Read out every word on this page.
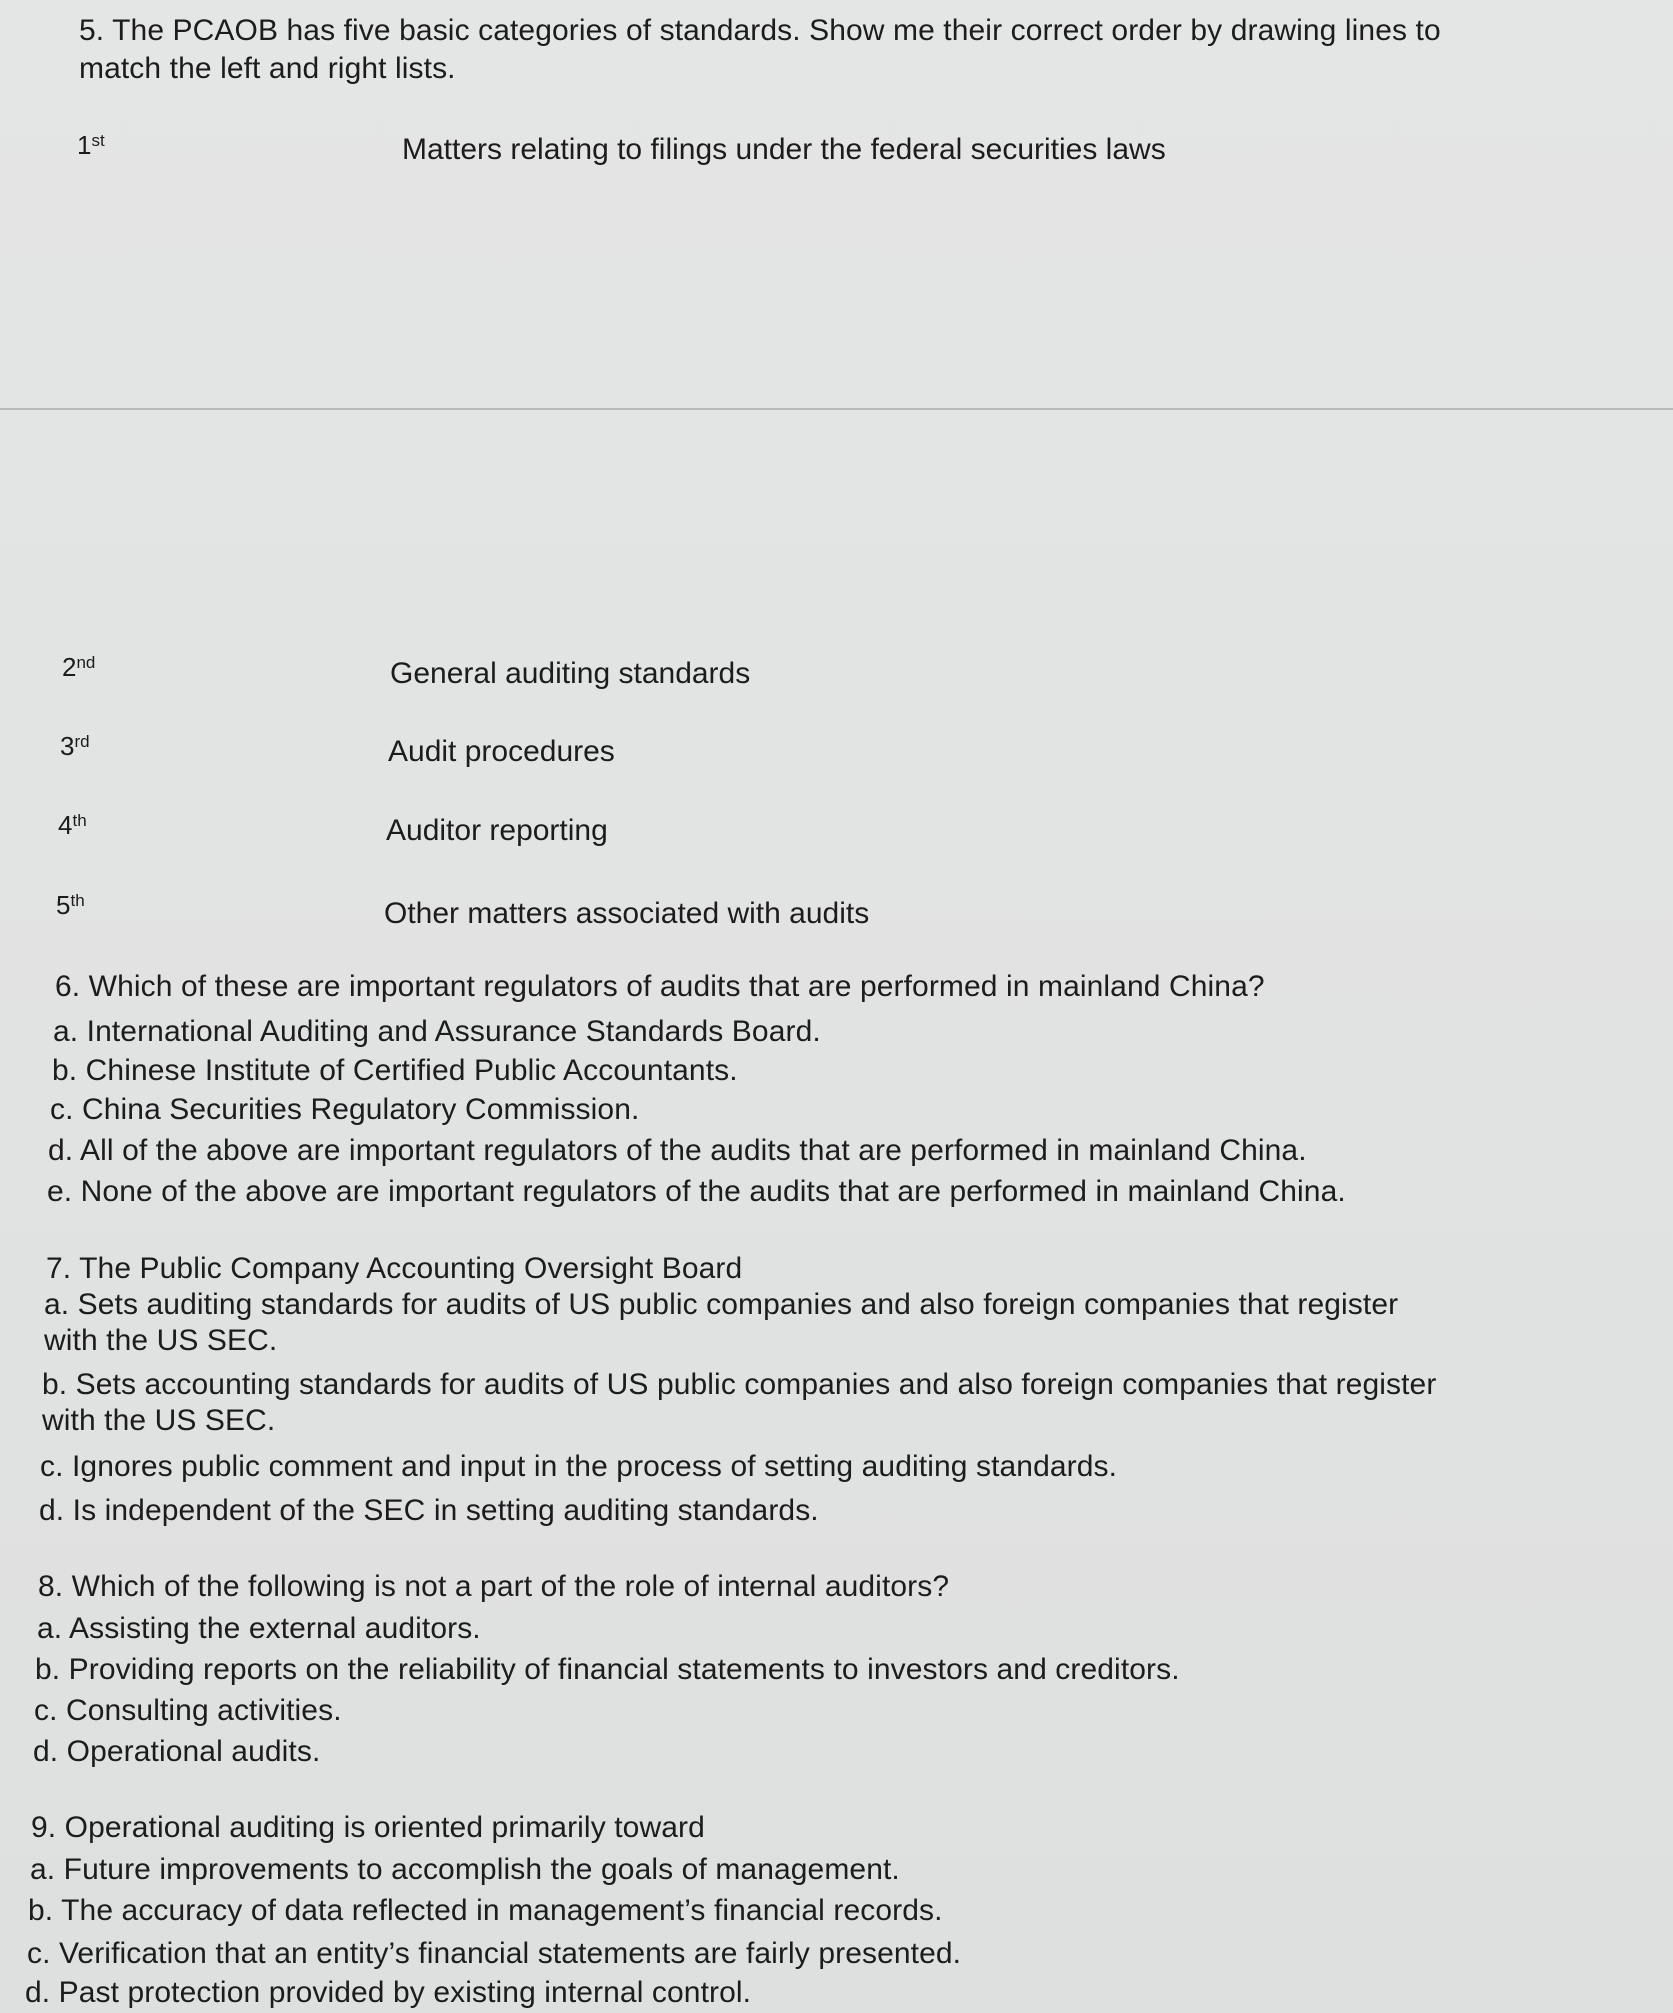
5. The PCAOB has five basic categories of standards. Show me their correct order by drawing lines to
match the left and right lists.
1st	Matters relating to filings under the federal securities laws
2nd	General auditing standards
3rd	Audit procedures
4th	Auditor reporting
5th	Other matters associated with audits
6. Which of these are important regulators of audits that are performed in mainland China?
a. International Auditing and Assurance Standards Board.
b. Chinese Institute of Certified Public Accountants.
c. China Securities Regulatory Commission.
d. All of the above are important regulators of the audits that are performed in mainland China.
e. None of the above are important regulators of the audits that are performed in mainland China.
7. The Public Company Accounting Oversight Board
a. Sets auditing standards for audits of US public companies and also foreign companies that register
with the US SEC.
b. Sets accounting standards for audits of US public companies and also foreign companies that register
with the US SEC.
c. Ignores public comment and input in the process of setting auditing standards.
d. Is independent of the SEC in setting auditing standards.
8. Which of the following is not a part of the role of internal auditors?
a. Assisting the external auditors.
b. Providing reports on the reliability of financial statements to investors and creditors.
c. Consulting activities.
d. Operational audits.
9. Operational auditing is oriented primarily toward
a. Future improvements to accomplish the goals of management.
b. The accuracy of data reflected in management’s financial records.
c. Verification that an entity’s financial statements are fairly presented.
d. Past protection provided by existing internal control.
